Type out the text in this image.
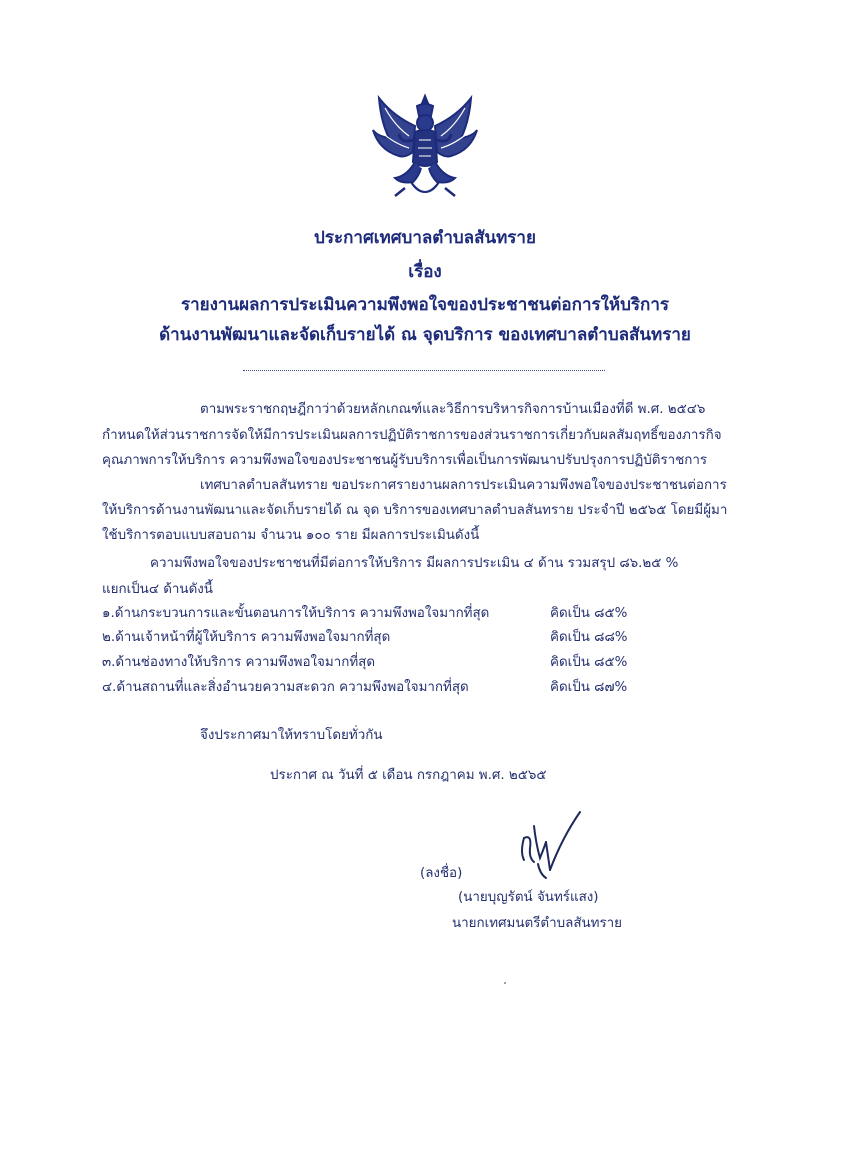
ประกาศเทศบาลตำบลสันทราย
เรื่อง
รายงานผลการประเมินความพึงพอใจของประชาชนต่อการให้บริการ
ด้านงานพัฒนาและจัดเก็บรายได้ ณ จุดบริการ ของเทศบาลตำบลสันทราย
ตามพระราชกฤษฎีกาว่าด้วยหลักเกณฑ์และวิธีการบริหารกิจการบ้านเมืองที่ดี พ.ศ. ๒๕๔๖
กำหนดให้ส่วนราชการจัดให้มีการประเมินผลการปฏิบัติราชการของส่วนราชการเกี่ยวกับผลสัมฤทธิ์ของภารกิจ
คุณภาพการให้บริการ ความพึงพอใจของประชาชนผู้รับบริการเพื่อเป็นการพัฒนาปรับปรุงการปฏิบัติราชการ
เทศบาลตำบลสันทราย ขอประกาศรายงานผลการประเมินความพึงพอใจของประชาชนต่อการ
ให้บริการด้านงานพัฒนาและจัดเก็บรายได้ ณ จุด บริการของเทศบาลตำบลสันทราย ประจำปี ๒๕๖๕ โดยมีผู้มา
ใช้บริการตอบแบบสอบถาม จำนวน ๑๐๐ ราย มีผลการประเมินดังนี้
ความพึงพอใจของประชาชนที่มีต่อการให้บริการ มีผลการประเมิน ๔ ด้าน รวมสรุป ๘๖.๒๕ %
แยกเป็น๔ ด้านดังนี้
๑.ด้านกระบวนการและขั้นตอนการให้บริการ ความพึงพอใจมากที่สุด	คิดเป็น ๘๕%
๒.ด้านเจ้าหน้าที่ผู้ให้บริการ ความพึงพอใจมากที่สุด	คิดเป็น ๘๘%
๓.ด้านช่องทางให้บริการ ความพึงพอใจมากที่สุด	คิดเป็น ๘๕%
๔.ด้านสถานที่และสิ่งอำนวยความสะดวก ความพึงพอใจมากที่สุด	คิดเป็น ๘๗%
จึงประกาศมาให้ทราบโดยทั่วกัน
ประกาศ ณ วันที่ ๕ เดือน กรกฎาคม พ.ศ. ๒๕๖๕
(ลงชื่อ)
(นายบุญรัตน์ จันทร์แสง)
นายกเทศมนตรีตำบลสันทราย
